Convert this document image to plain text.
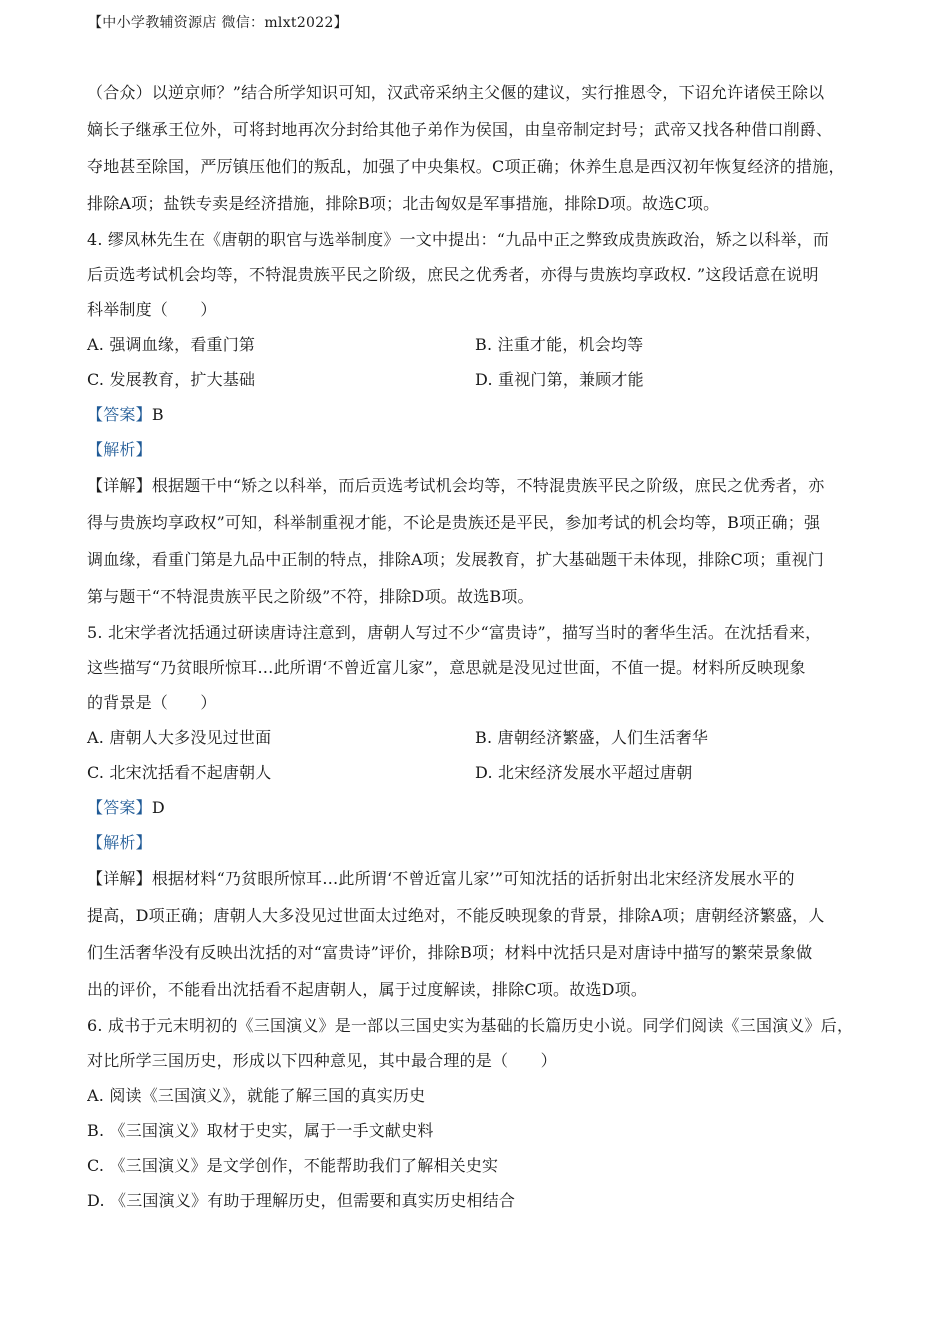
【中小学教辅资源店 微信：mlxt2022】
（合众）以逆京师？”结合所学知识可知，汉武帝采纳主父偃的建议，实行推恩令，下诏允许诸侯王除以
嫡长子继承王位外，可将封地再次分封给其他子弟作为侯国，由皇帝制定封号；武帝又找各种借口削爵、
夺地甚至除国，严厉镇压他们的叛乱，加强了中央集权。C项正确；休养生息是西汉初年恢复经济的措施，
排除A项；盐铁专卖是经济措施，排除B项；北击匈奴是军事措施，排除D项。故选C项。
4. 缪凤林先生在《唐朝的职官与选举制度》一文中提出：“九品中正之弊致成贵族政治，矫之以科举，而
后贡选考试机会均等，不特混贵族平民之阶级，庶民之优秀者，亦得与贵族均享政权. ”这段话意在说明
科举制度（　　）
A. 强调血缘，看重门第	B. 注重才能，机会均等
C. 发展教育，扩大基础	D. 重视门第，兼顾才能
【答案】B
【解析】
【详解】根据题干中“矫之以科举，而后贡选考试机会均等，不特混贵族平民之阶级，庶民之优秀者，亦
得与贵族均享政权”可知，科举制重视才能，不论是贵族还是平民，参加考试的机会均等，B项正确；强
调血缘，看重门第是九品中正制的特点，排除A项；发展教育，扩大基础题干未体现，排除C项；重视门
第与题干“不特混贵族平民之阶级”不符，排除D项。故选B项。
5. 北宋学者沈括通过研读唐诗注意到，唐朝人写过不少“富贵诗”，描写当时的奢华生活。在沈括看来，
这些描写“乃贫眼所惊耳…此所谓‘不曾近富儿家”，意思就是没见过世面，不值一提。材料所反映现象
的背景是（　　）
A. 唐朝人大多没见过世面	B. 唐朝经济繁盛，人们生活奢华
C. 北宋沈括看不起唐朝人	D. 北宋经济发展水平超过唐朝
【答案】D
【解析】
【详解】根据材料“乃贫眼所惊耳…此所谓‘不曾近富儿家’”可知沈括的话折射出北宋经济发展水平的
提高，D项正确；唐朝人大多没见过世面太过绝对，不能反映现象的背景，排除A项；唐朝经济繁盛，人
们生活奢华没有反映出沈括的对“富贵诗”评价，排除B项；材料中沈括只是对唐诗中描写的繁荣景象做
出的评价，不能看出沈括看不起唐朝人，属于过度解读，排除C项。故选D项。
6. 成书于元末明初的《三国演义》是一部以三国史实为基础的长篇历史小说。同学们阅读《三国演义》后，
对比所学三国历史，形成以下四种意见，其中最合理的是（　　）
A. 阅读《三国演义》，就能了解三国的真实历史
B. 《三国演义》取材于史实，属于一手文献史料
C. 《三国演义》是文学创作，不能帮助我们了解相关史实
D. 《三国演义》有助于理解历史，但需要和真实历史相结合
